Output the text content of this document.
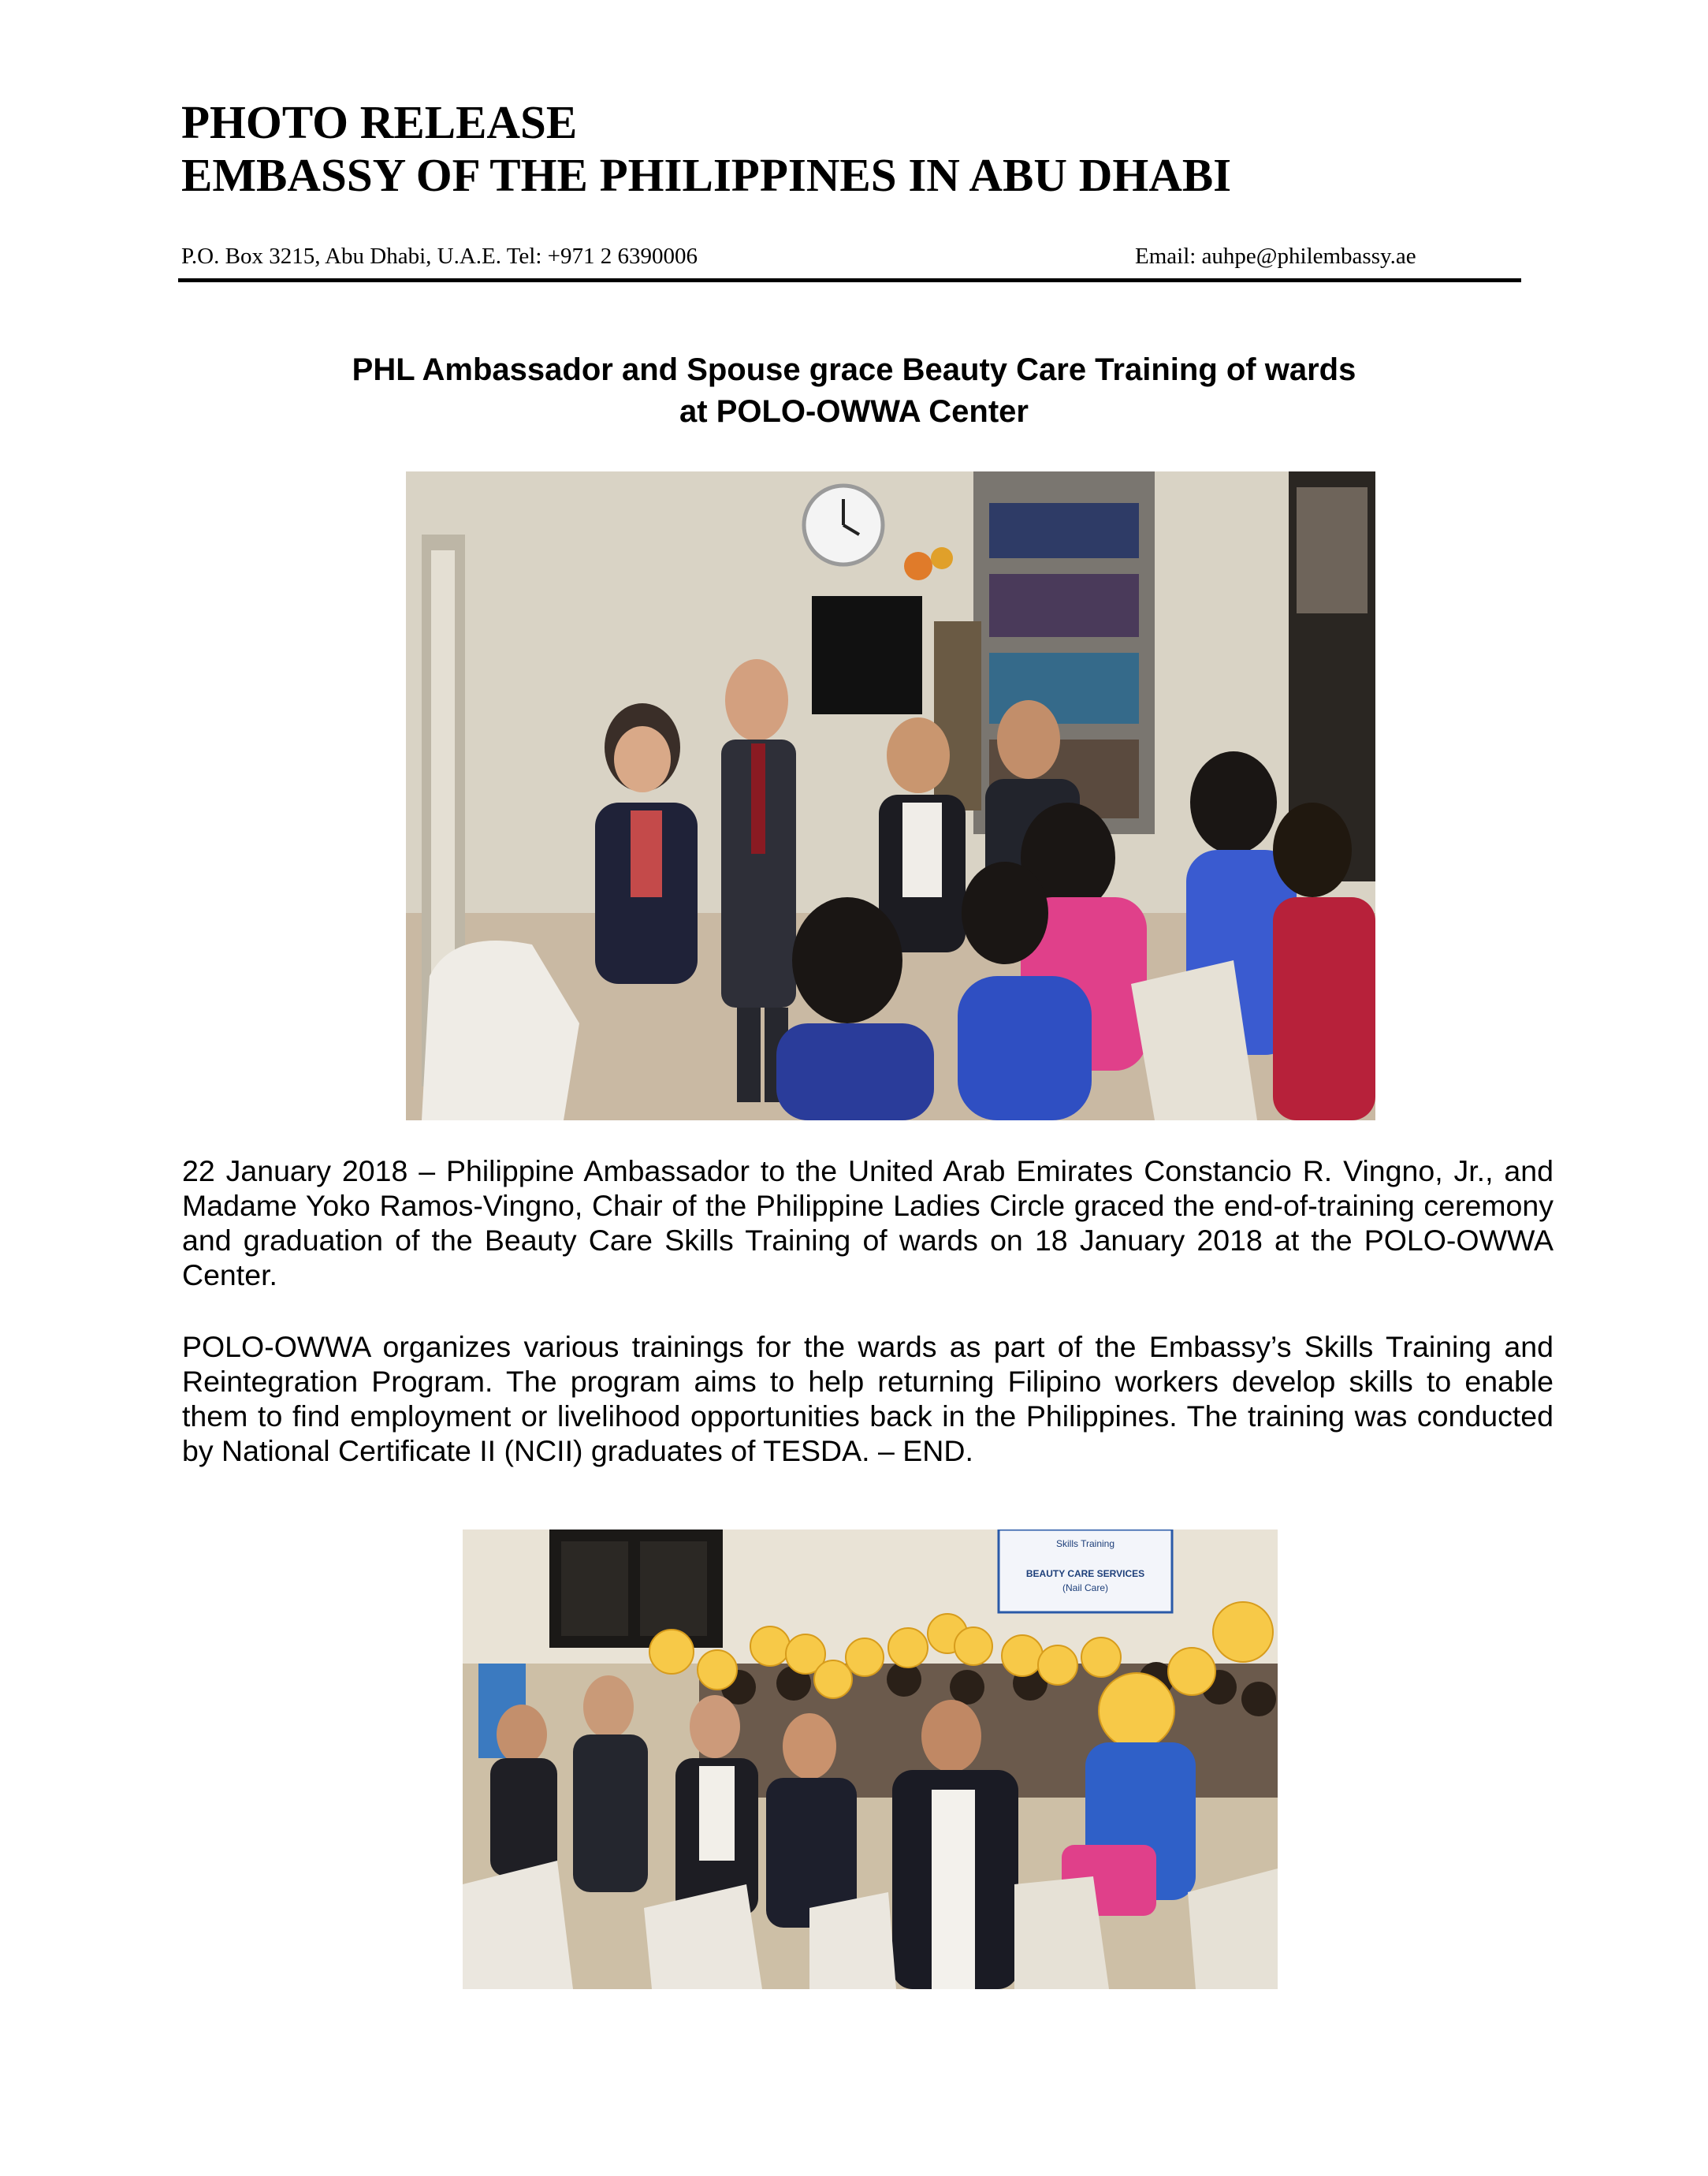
PHOTO RELEASE
EMBASSY OF THE PHILIPPINES IN ABU DHABI
P.O. Box 3215, Abu Dhabi, U.A.E. Tel: +971 2 6390006	Email: auhpe@philembassy.ae
PHL Ambassador and Spouse grace Beauty Care Training of wards
at POLO-OWWA Center
22 January 2018 – Philippine Ambassador to the United Arab Emirates Constancio R. Vingno, Jr., and Madame Yoko Ramos-Vingno, Chair of the Philippine Ladies Circle graced the end-of-training ceremony and graduation of the Beauty Care Skills Training of wards on 18 January 2018 at the POLO-OWWA Center.
POLO-OWWA organizes various trainings for the wards as part of the Embassy’s Skills Training and Reintegration Program. The program aims to help returning Filipino workers develop skills to enable them to find employment or livelihood opportunities back in the Philippines. The training was conducted by National Certificate II (NCII) graduates of TESDA. – END.
Skills Training
BEAUTY CARE SERVICES
(Nail Care)
